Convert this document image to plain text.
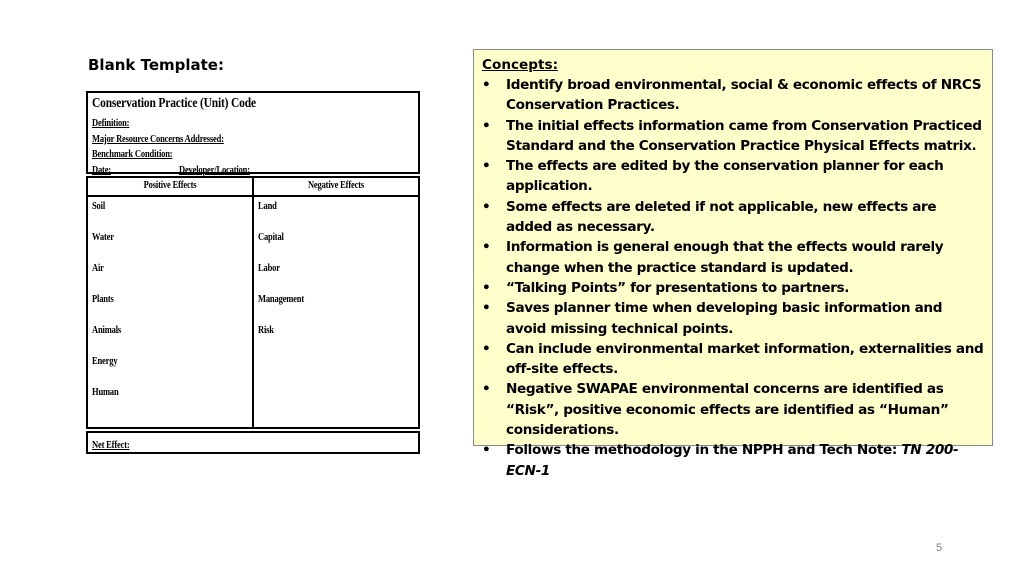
Blank Template:
Conservation Practice (Unit) Code
Definition:
Major Resource Concerns Addressed:
Benchmark Condition:
Date:	Developer/Location:
Positive Effects
Soil
Water
Air
Plants
Animals
Energy
Human
Negative Effects
Land
Capital
Labor
Management
Risk
Net Effect:
Concepts:
• Identify broad environmental, social & economic effects of NRCS Conservation Practices.
• The initial effects information came from Conservation Practiced Standard and the Conservation Practice Physical Effects matrix.
• The effects are edited by the conservation planner for each application.
• Some effects are deleted if not applicable, new effects are added as necessary.
• Information is general enough that the effects would rarely change when the practice standard is updated.
• “Talking Points” for presentations to partners.
• Saves planner time when developing basic information and avoid missing technical points.
• Can include environmental market information, externalities and off-site effects.
• Negative SWAPAE environmental concerns are identified as “Risk”, positive economic effects are identified as “Human” considerations.
• Follows the methodology in the NPPH and Tech Note: TN 200-ECN-1
5
